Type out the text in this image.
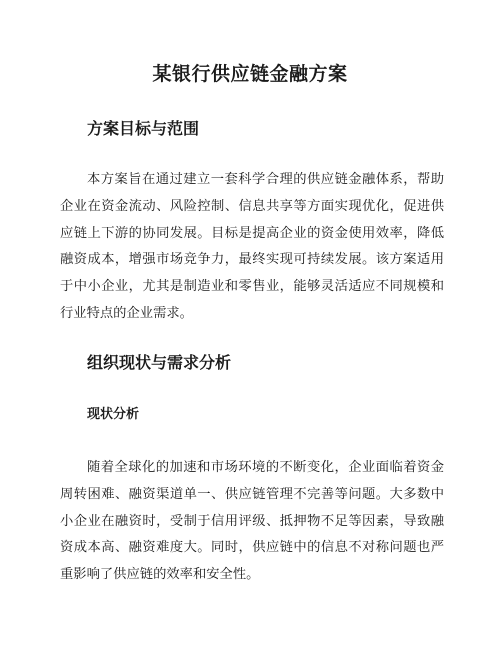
某银行供应链金融方案
方案目标与范围

本方案旨在通过建立一套科学合理的供应链金融体系，帮助企业在资金流动、风险控制、信息共享等方面实现优化，促进供应链上下游的协同发展。目标是提高企业的资金使用效率，降低融资成本，增强市场竞争力，最终实现可持续发展。该方案适用于中小企业，尤其是制造业和零售业，能够灵活适应不同规模和行业特点的企业需求。

组织现状与需求分析
现状分析

随着全球化的加速和市场环境的不断变化，企业面临着资金周转困难、融资渠道单一、供应链管理不完善等问题。大多数中小企业在融资时，受制于信用评级、抵押物不足等因素，导致融资成本高、融资难度大。同时，供应链中的信息不对称问题也严重影响了供应链的效率和安全性。
